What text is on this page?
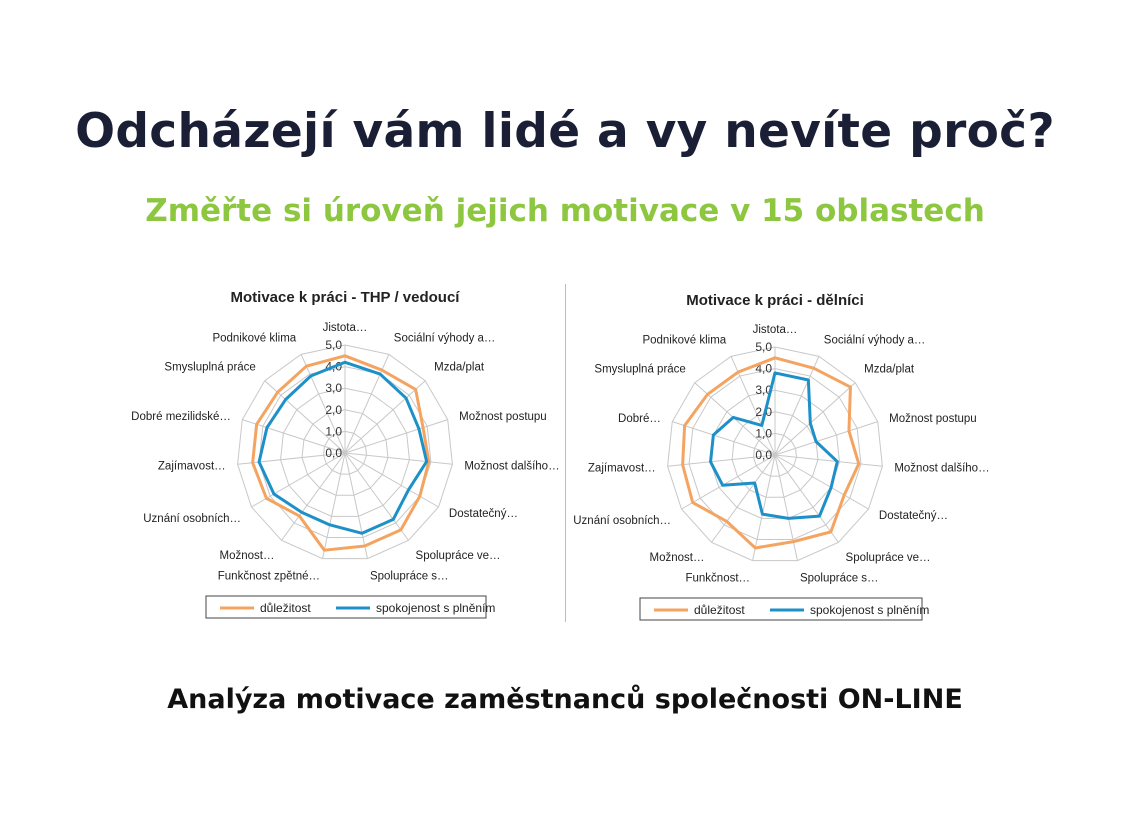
Odcházejí vám lidé a vy nevíte proč?
Změřte si úroveň jejich motivace v 15 oblastech
Motivace k práci - THP / vedoucí
0,0
1,0
2,0
3,0
4,0
5,0
Jistota…
Sociální výhody a…
Mzda/plat
Možnost postupu
Možnost dalšího…
Dostatečný…
Spolupráce ve…
Spolupráce s…
Funkčnost zpětné…
Možnost…
Uznání osobních…
Zajímavost…
Dobré mezilidské…
Smysluplná práce
Podnikové klima
důležitost	spokojenost s plněním
Motivace k práci - dělníci
0,0
1,0
2,0
3,0
4,0
5,0
Jistota…
Sociální výhody a…
Mzda/plat
Možnost postupu
Možnost dalšího…
Dostatečný…
Spolupráce ve…
Spolupráce s…
Funkčnost…
Možnost…
Uznání osobních…
Zajímavost…
Dobré…
Smysluplná práce
Podnikové klima
důležitost	spokojenost s plněním
Analýza motivace zaměstnanců společnosti ON-LINE
